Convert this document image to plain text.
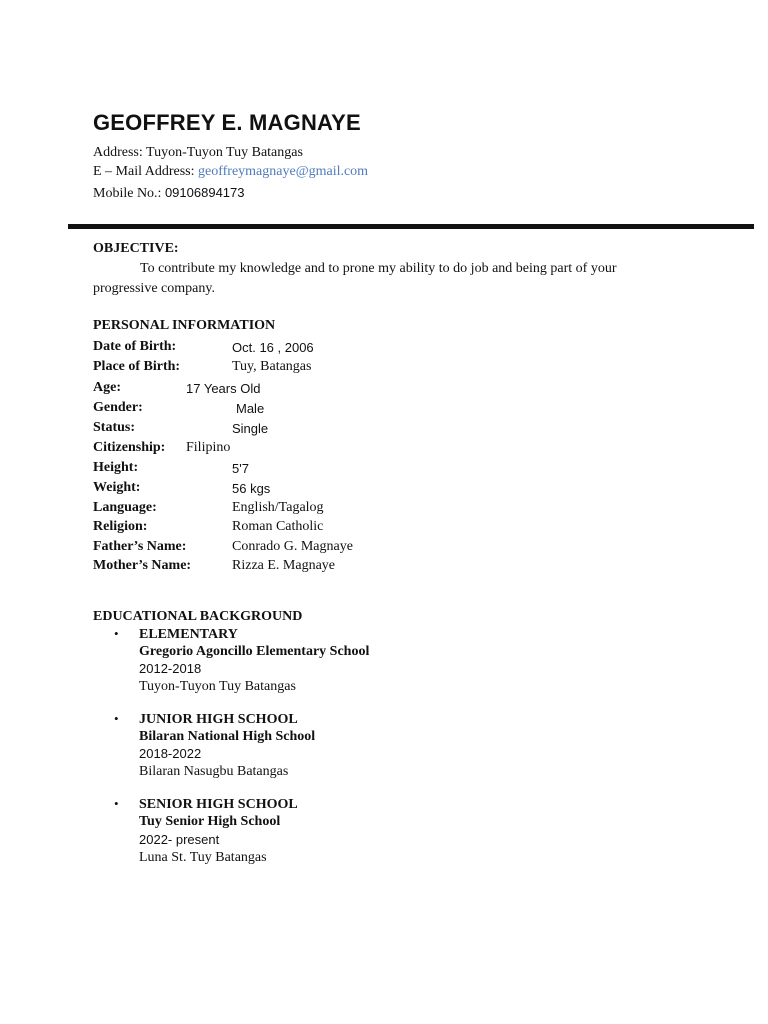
GEOFFREY E. MAGNAYE
Address: Tuyon-Tuyon Tuy Batangas
E – Mail Address: geoffreymagnaye@gmail.com
Mobile No.: 09106894173
OBJECTIVE:
To contribute my knowledge and to prone my ability to do job and being part of your
progressive company.
PERSONAL INFORMATION
Date of Birth:	Oct. 16 , 2006
Place of Birth:	Tuy, Batangas
Age:	17 Years Old
Gender:	Male
Status:	Single
Citizenship: Filipino
Height:	5'7
Weight:	56 kgs
Language:	English/Tagalog
Religion:	Roman Catholic
Father’s Name:	Conrado G. Magnaye
Mother’s Name:	Rizza E. Magnaye
EDUCATIONAL BACKGROUND
• ELEMENTARY
Gregorio Agoncillo Elementary School
2012-2018
Tuyon-Tuyon Tuy Batangas
• JUNIOR HIGH SCHOOL
Bilaran National High School
2018-2022
Bilaran Nasugbu Batangas
• SENIOR HIGH SCHOOL
Tuy Senior High School
2022- present
Luna St. Tuy Batangas
